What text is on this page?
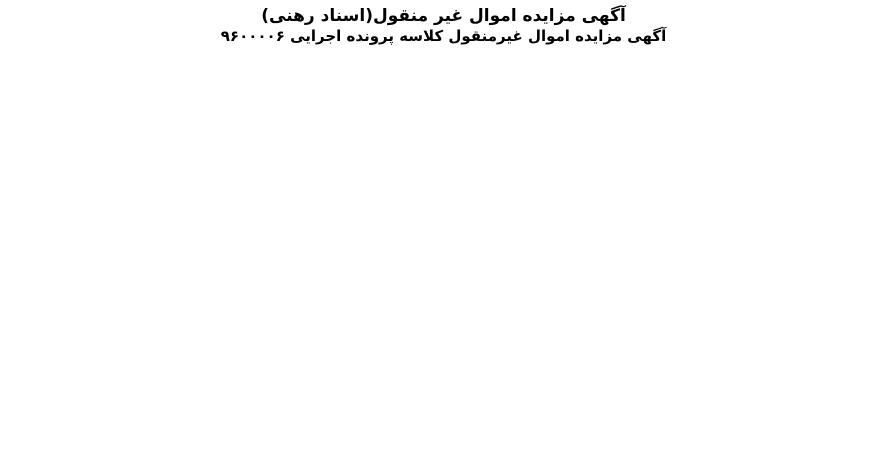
آگهی مزایده اموال غیر منقول(اسناد رهنی)
آگهی مزایده اموال غیرمنقول کلاسه پرونده اجرایی ۹۶۰۰۰۰۶
